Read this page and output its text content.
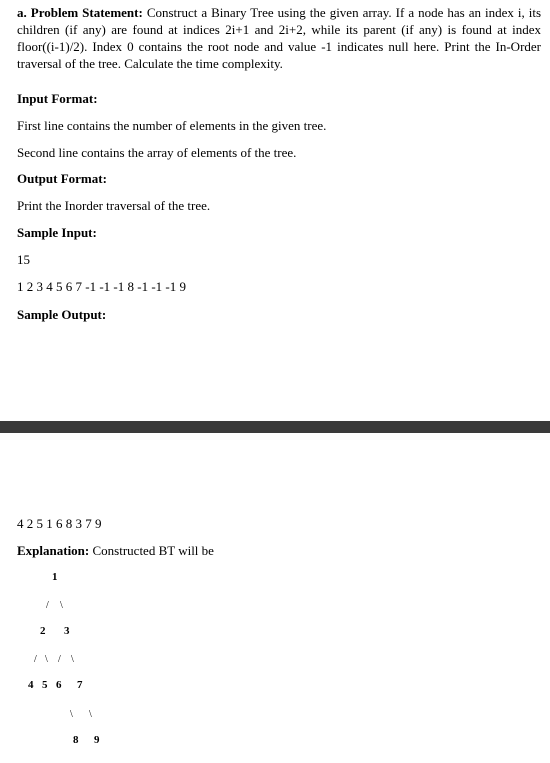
a. Problem Statement: Construct a Binary Tree using the given array. If a node has an index i, its children (if any) are found at indices 2i+1 and 2i+2, while its parent (if any) is found at index floor((i-1)/2). Index 0 contains the root node and value -1 indicates null here. Print the In-Order traversal of the tree. Calculate the time complexity.
Input Format:
First line contains the number of elements in the given tree.
Second line contains the array of elements of the tree.
Output Format:
Print the Inorder traversal of the tree.
Sample Input:
15
1 2 3 4 5 6 7 -1 -1 -1 8 -1 -1 -1 9
Sample Output:
4 2 5 1 6 8 3 7 9
Explanation: Constructed BT will be
1
/ \
2 3
/ \ / \
4 5 6 7
\ \
8 9
